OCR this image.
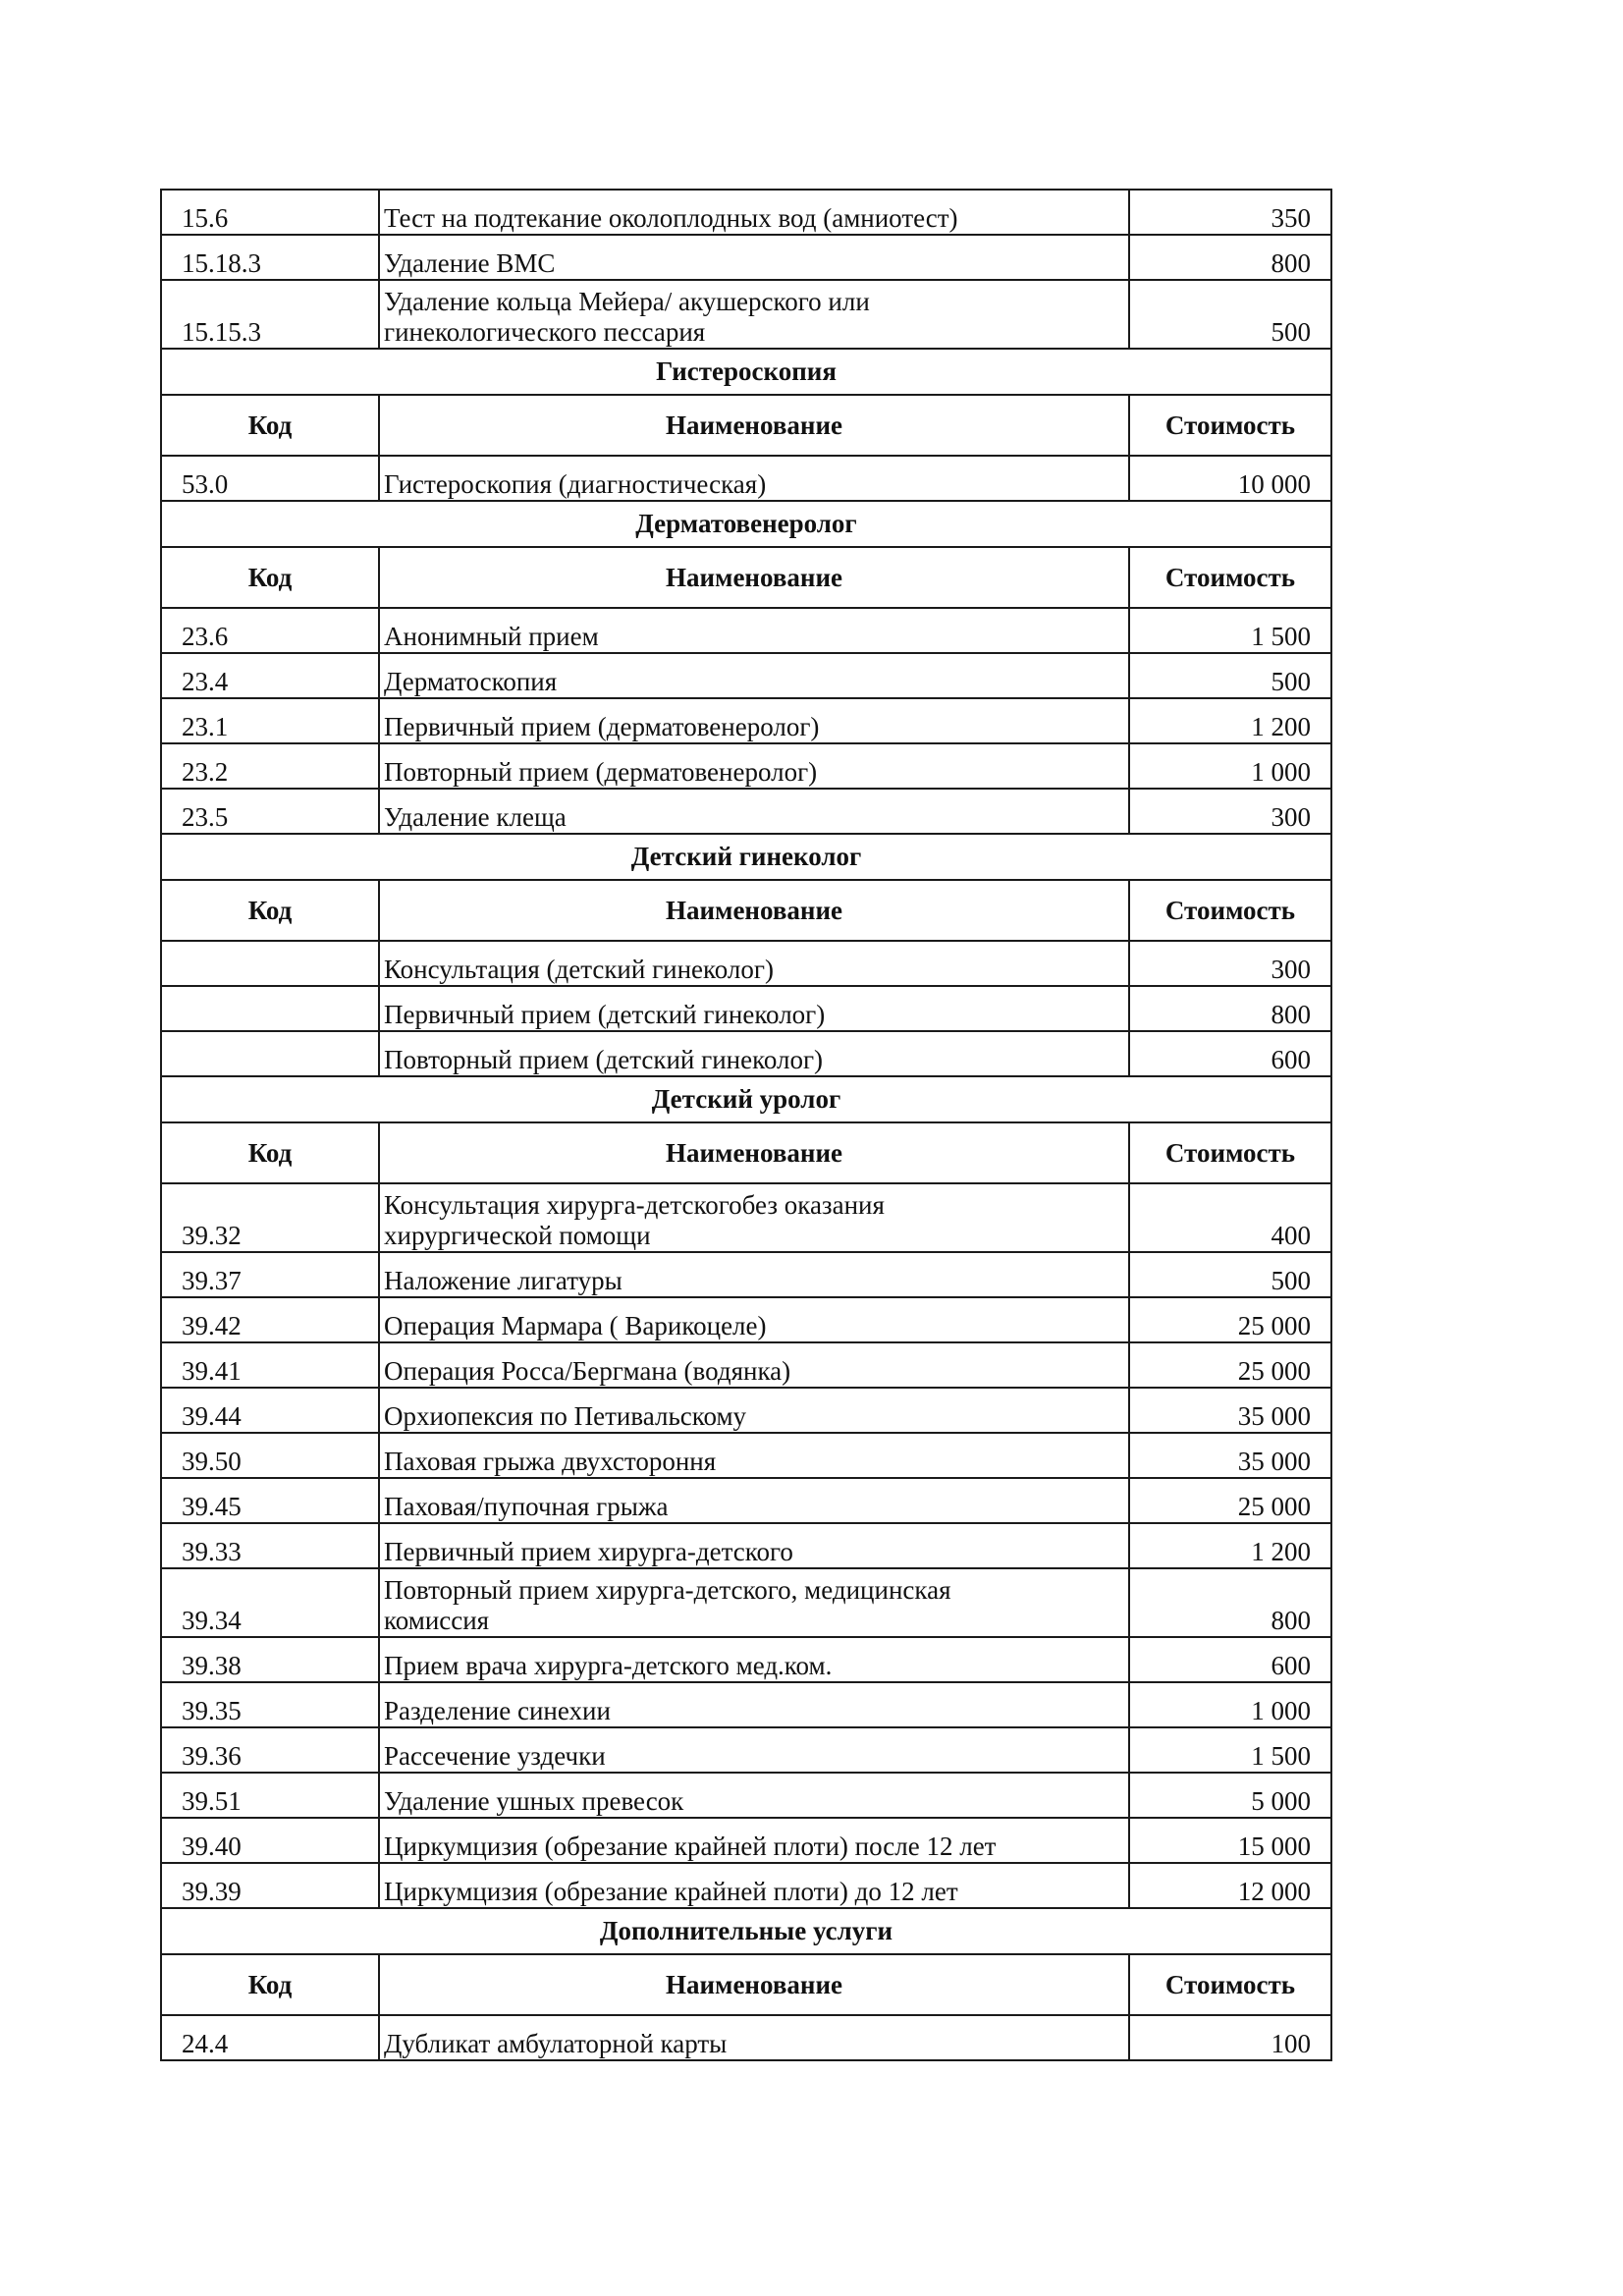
15.6	Тест на подтекание околоплодных вод (амниотест)	350
15.18.3	Удаление ВМС	800
15.15.3	Удаление кольца Мейера/ акушерского или
гинекологического пессария	500
Гистероскопия		
Код	Наименование	Стоимость
53.0	Гистероскопия (диагностическая)	10 000
Дерматовенеролог		
Код	Наименование	Стоимость
23.6	Анонимный прием	1 500
23.4	Дерматоскопия	500
23.1	Первичный прием (дерматовенеролог)	1 200
23.2	Повторный прием (дерматовенеролог)	1 000
23.5	Удаление клеща	300
Детский гинеколог		
Код	Наименование	Стоимость
	Консультация (детский гинеколог)	300
	Первичный прием (детский гинеколог)	800
	Повторный прием (детский гинеколог)	600
Детский уролог		
Код	Наименование	Стоимость
39.32	Консультация хирурга-детскогобез оказания
хирургической помощи	400
39.37	Наложение лигатуры	500
39.42	Операция Мармара ( Варикоцеле)	25 000
39.41	Операция Росса/Бергмана (водянка)	25 000
39.44	Орхиопексия по Петивальскому	35 000
39.50	Паховая грыжа двухстороння	35 000
39.45	Паховая/пупочная грыжа	25 000
39.33	Первичный прием хирурга-детского	1 200
39.34	Повторный прием хирурга-детского, медицинская
комиссия	800
39.38	Прием врача хирурга-детского мед.ком.	600
39.35	Разделение синехии	1 000
39.36	Рассечение уздечки	1 500
39.51	Удаление ушных превесок	5 000
39.40	Циркумцизия (обрезание крайней плоти) после 12 лет	15 000
39.39	Циркумцизия (обрезание крайней плоти) до 12 лет	12 000
Дополнительные услуги		
Код	Наименование	Стоимость
24.4	Дубликат амбулаторной карты	100
